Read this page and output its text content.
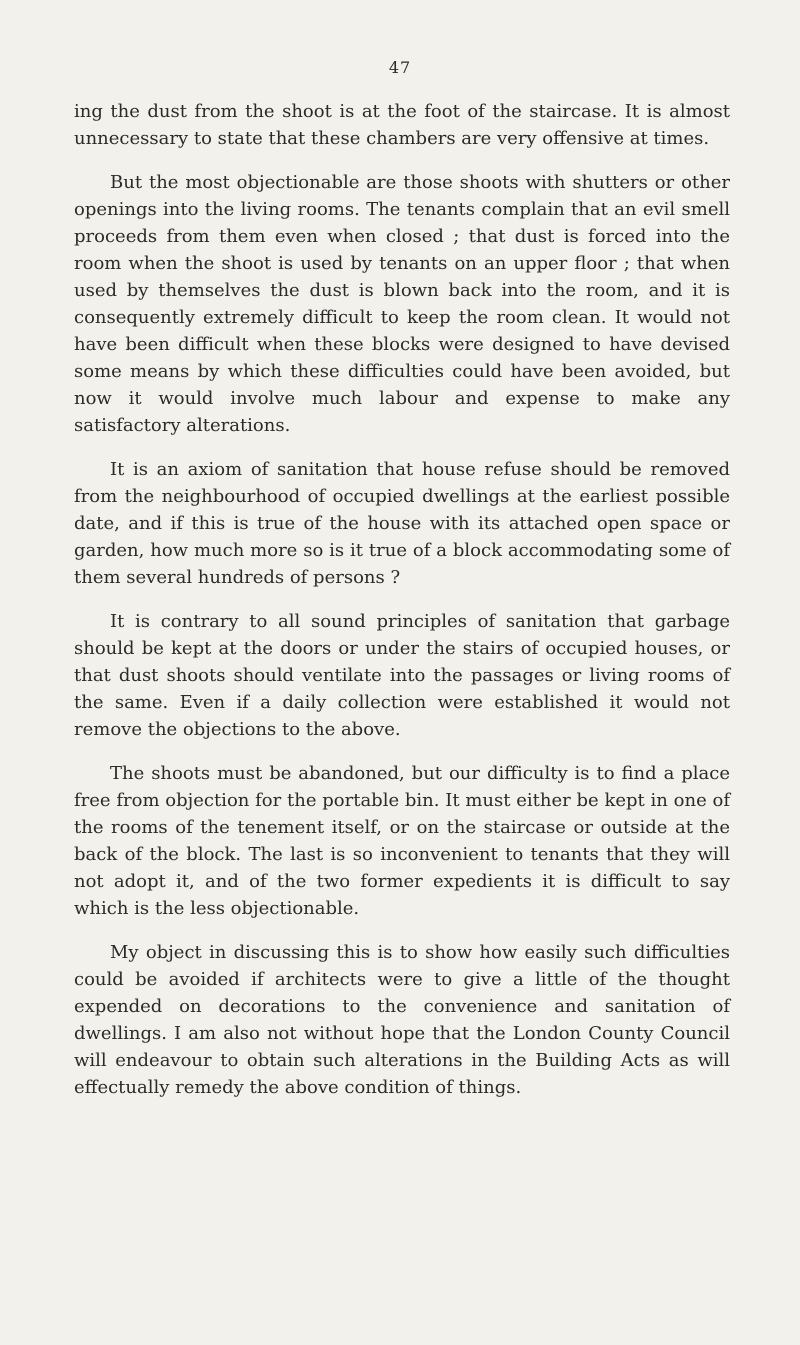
47

ing the dust from the shoot is at the foot of the staircase. It is almost unnecessary to state that these chambers are very offensive at times.

But the most objectionable are those shoots with shutters or other openings into the living rooms. The tenants complain that an evil smell proceeds from them even when closed ; that dust is forced into the room when the shoot is used by tenants on an upper floor ; that when used by themselves the dust is blown back into the room, and it is consequently extremely difficult to keep the room clean. It would not have been difficult when these blocks were designed to have devised some means by which these difficulties could have been avoided, but now it would involve much labour and expense to make any satisfactory alterations.

It is an axiom of sanitation that house refuse should be removed from the neighbourhood of occupied dwellings at the earliest possible date, and if this is true of the house with its attached open space or garden, how much more so is it true of a block accommodating some of them several hundreds of persons ?

It is contrary to all sound principles of sanitation that garbage should be kept at the doors or under the stairs of occupied houses, or that dust shoots should ventilate into the passages or living rooms of the same. Even if a daily collection were established it would not remove the objections to the above.

The shoots must be abandoned, but our difficulty is to find a place free from objection for the portable bin. It must either be kept in one of the rooms of the tenement itself, or on the staircase or outside at the back of the block. The last is so inconvenient to tenants that they will not adopt it, and of the two former expedients it is difficult to say which is the less objectionable.

My object in discussing this is to show how easily such difficulties could be avoided if architects were to give a little of the thought expended on decorations to the convenience and sanitation of dwellings. I am also not without hope that the London County Council will endeavour to obtain such alterations in the Building Acts as will effectually remedy the above condition of things.
